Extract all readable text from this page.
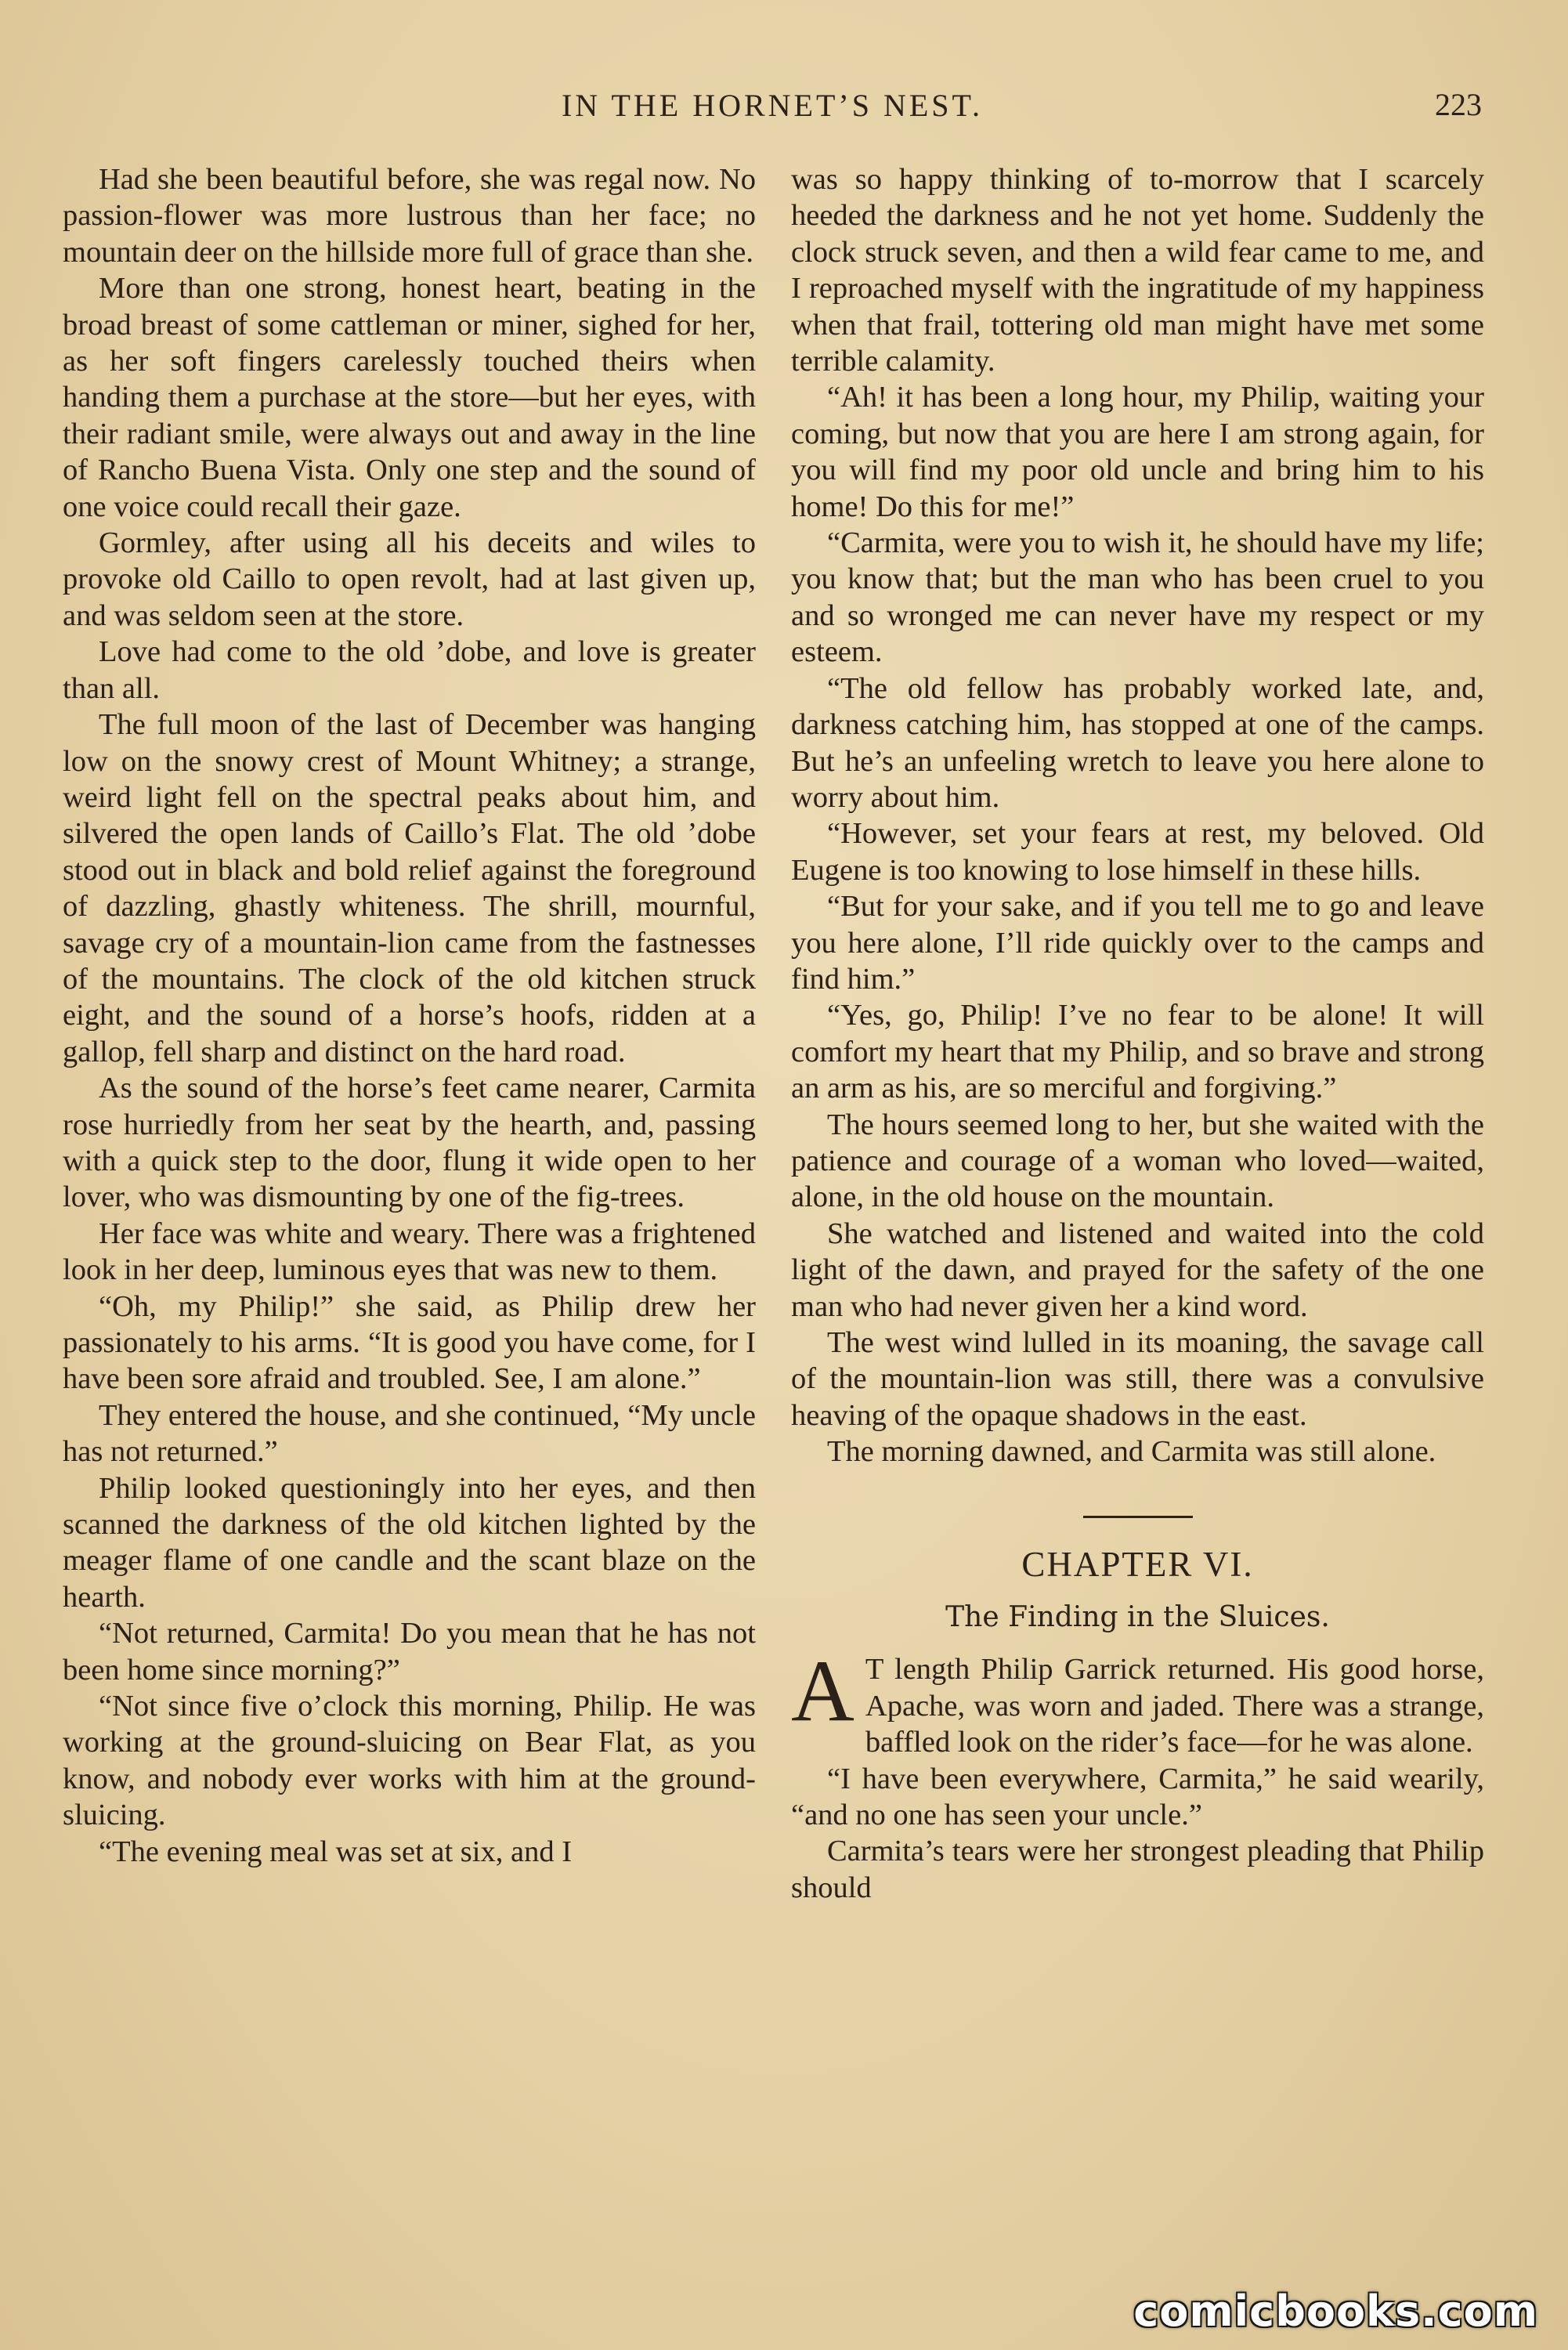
IN THE HORNET’S NEST.	223

Had she been beautiful before, she was regal now. No passion-flower was more lustrous than her face; no mountain deer on the hillside more full of grace than she.

More than one strong, honest heart, beating in the broad breast of some cattleman or miner, sighed for her, as her soft fingers carelessly touched theirs when handing them a purchase at the store—but her eyes, with their radiant smile, were always out and away in the line of Rancho Buena Vista. Only one step and the sound of one voice could recall their gaze.

Gormley, after using all his deceits and wiles to provoke old Caillo to open revolt, had at last given up, and was seldom seen at the store.

Love had come to the old ’dobe, and love is greater than all.

The full moon of the last of December was hanging low on the snowy crest of Mount Whitney; a strange, weird light fell on the spectral peaks about him, and silvered the open lands of Caillo’s Flat. The old ’dobe stood out in black and bold relief against the foreground of dazzling, ghastly whiteness. The shrill, mournful, savage cry of a mountain-lion came from the fastnesses of the mountains. The clock of the old kitchen struck eight, and the sound of a horse’s hoofs, ridden at a gallop, fell sharp and distinct on the hard road.

As the sound of the horse’s feet came nearer, Carmita rose hurriedly from her seat by the hearth, and, passing with a quick step to the door, flung it wide open to her lover, who was dismounting by one of the fig-trees.

Her face was white and weary. There was a frightened look in her deep, luminous eyes that was new to them.

“Oh, my Philip!” she said, as Philip drew her passionately to his arms. “It is good you have come, for I have been sore afraid and troubled. See, I am alone.”

They entered the house, and she continued, “My uncle has not returned.”

Philip looked questioningly into her eyes, and then scanned the darkness of the old kitchen lighted by the meager flame of one candle and the scant blaze on the hearth.

“Not returned, Carmita! Do you mean that he has not been home since morning?”

“Not since five o’clock this morning, Philip. He was working at the ground-sluicing on Bear Flat, as you know, and nobody ever works with him at the ground-sluicing.

“The evening meal was set at six, and I

was so happy thinking of to-morrow that I scarcely heeded the darkness and he not yet home. Suddenly the clock struck seven, and then a wild fear came to me, and I reproached myself with the ingratitude of my happiness when that frail, tottering old man might have met some terrible calamity.

“Ah! it has been a long hour, my Philip, waiting your coming, but now that you are here I am strong again, for you will find my poor old uncle and bring him to his home! Do this for me!”

“Carmita, were you to wish it, he should have my life; you know that; but the man who has been cruel to you and so wronged me can never have my respect or my esteem.

“The old fellow has probably worked late, and, darkness catching him, has stopped at one of the camps. But he’s an unfeeling wretch to leave you here alone to worry about him.

“However, set your fears at rest, my beloved. Old Eugene is too knowing to lose himself in these hills.

“But for your sake, and if you tell me to go and leave you here alone, I’ll ride quickly over to the camps and find him.”

“Yes, go, Philip! I’ve no fear to be alone! It will comfort my heart that my Philip, and so brave and strong an arm as his, are so merciful and forgiving.”

The hours seemed long to her, but she waited with the patience and courage of a woman who loved—waited, alone, in the old house on the mountain.

She watched and listened and waited into the cold light of the dawn, and prayed for the safety of the one man who had never given her a kind word.

The west wind lulled in its moaning, the savage call of the mountain-lion was still, there was a convulsive heaving of the opaque shadows in the east.

The morning dawned, and Carmita was still alone.

CHAPTER VI.
The Finding in the Sluices.

A T length Philip Garrick returned. His good horse, Apache, was worn and jaded. There was a strange, baffled look on the rider’s face—for he was alone.

“I have been everywhere, Carmita,” he said wearily, “and no one has seen your uncle.”

Carmita’s tears were her strongest pleading that Philip should

comicbooks.com
